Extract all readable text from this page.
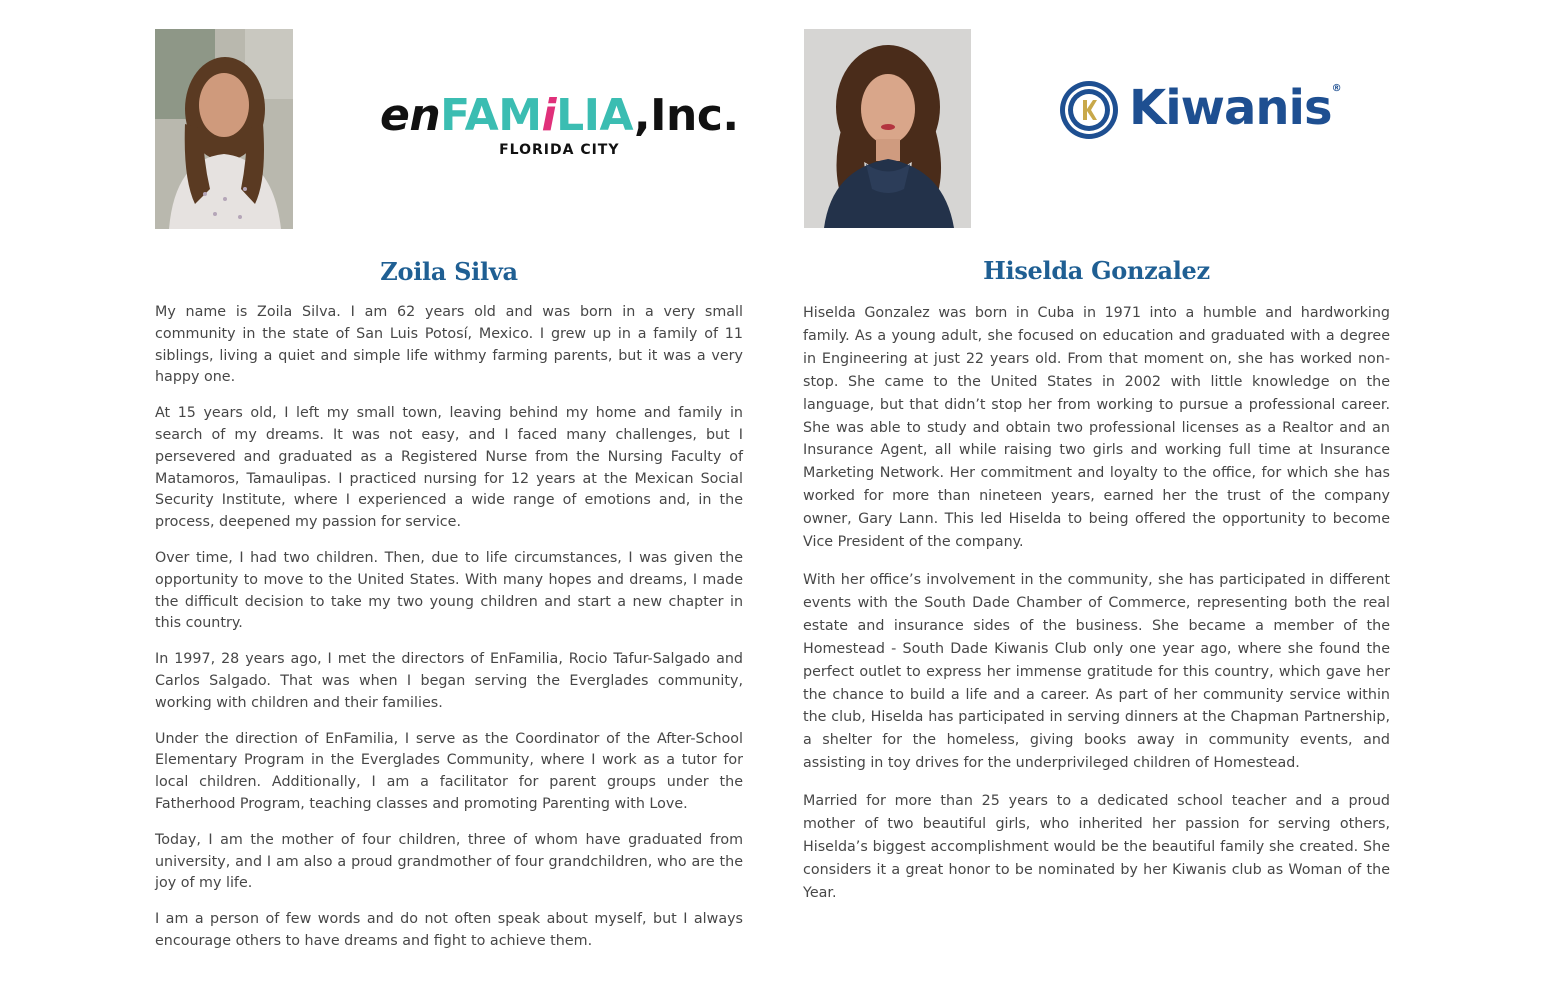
enFAMiLIA,Inc.
FLORIDA CITY
Zoila Silva

My name is Zoila Silva. I am 62 years old and was born in a very small community in the state of San Luis Potosí, Mexico. I grew up in a family of 11 siblings, living a quiet and simple life withmy farming parents, but it was a very happy one.

At 15 years old, I left my small town, leaving behind my home and family in search of my dreams. It was not easy, and I faced many challenges, but I persevered and graduated as a Registered Nurse from the Nursing Faculty of Matamoros, Tamaulipas. I practiced nursing for 12 years at the Mexican Social Security Institute, where I experienced a wide range of emotions and, in the process, deepened my passion for service.

Over time, I had two children. Then, due to life circumstances, I was given the opportunity to move to the United States. With many hopes and dreams, I made the difficult decision to take my two young children and start a new chapter in this country.

In 1997, 28 years ago, I met the directors of EnFamilia, Rocio Tafur-Salgado and Carlos Salgado. That was when I began serving the Everglades community, working with children and their families.

Under the direction of EnFamilia, I serve as the Coordinator of the After-School Elementary Program in the Everglades Community, where I work as a tutor for local children. Additionally, I am a facilitator for parent groups under the Fatherhood Program, teaching classes and promoting Parenting with Love.

Today, I am the mother of four children, three of whom have graduated from university, and I am also a proud grandmother of four grandchildren, who are the joy of my life.

I am a person of few words and do not often speak about myself, but I always encourage others to have dreams and fight to achieve them.

Kiwanis®
Hiselda Gonzalez

Hiselda Gonzalez was born in Cuba in 1971 into a humble and hardworking family. As a young adult, she focused on education and graduated with a degree in Engineering at just 22 years old. From that moment on, she has worked non-stop. She came to the United States in 2002 with little knowledge on the language, but that didn’t stop her from working to pursue a professional career. She was able to study and obtain two professional licenses as a Realtor and an Insurance Agent, all while raising two girls and working full time at Insurance Marketing Network. Her commitment and loyalty to the office, for which she has worked for more than nineteen years, earned her the trust of the company owner, Gary Lann. This led Hiselda to being offered the opportunity to become Vice President of the company.

With her office’s involvement in the community, she has participated in different events with the South Dade Chamber of Commerce, representing both the real estate and insurance sides of the business. She became a member of the Homestead - South Dade Kiwanis Club only one year ago, where she found the perfect outlet to express her immense gratitude for this country, which gave her the chance to build a life and a career. As part of her community service within the club, Hiselda has participated in serving dinners at the Chapman Partnership, a shelter for the homeless, giving books away in community events, and assisting in toy drives for the underprivileged children of Homestead.

Married for more than 25 years to a dedicated school teacher and a proud mother of two beautiful girls, who inherited her passion for serving others, Hiselda’s biggest accomplishment would be the beautiful family she created. She considers it a great honor to be nominated by her Kiwanis club as Woman of the Year.
